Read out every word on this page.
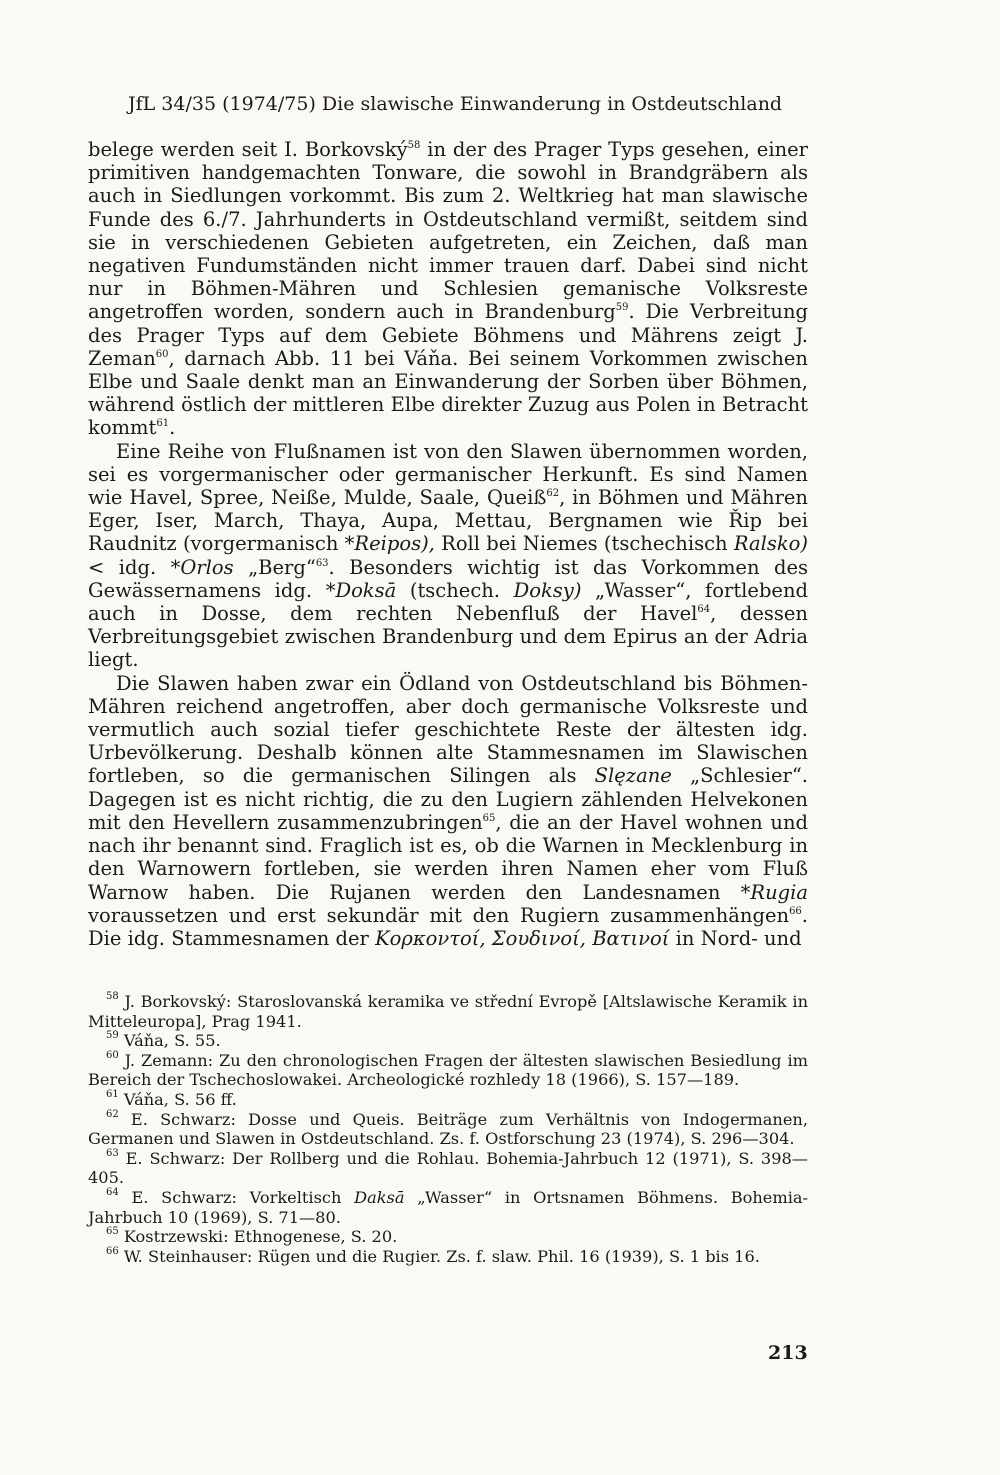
JfL 34/35 (1974/75) Die slawische Einwanderung in Ostdeutschland

belege werden seit I. Borkovský$^{58}$ in der des Prager Typs gesehen, einer primitiven handgemachten Tonware, die sowohl in Brandgräbern als auch in Siedlungen vorkommt. Bis zum 2. Weltkrieg hat man slawische Funde des 6./7. Jahrhunderts in Ostdeutschland vermißt, seitdem sind sie in verschiedenen Gebieten aufgetreten, ein Zeichen, daß man negativen Fundumständen nicht immer trauen darf. Dabei sind nicht nur in Böhmen-Mähren und Schlesien gemanische Volksreste angetroffen worden, sondern auch in Brandenburg$^{59}$. Die Verbreitung des Prager Typs auf dem Gebiete Böhmens und Mährens zeigt J. Zeman$^{60}$, darnach Abb. 11 bei Váňa. Bei seinem Vorkommen zwischen Elbe und Saale denkt man an Einwanderung der Sorben über Böhmen, während östlich der mittleren Elbe direkter Zuzug aus Polen in Betracht kommt$^{61}$.

Eine Reihe von Flußnamen ist von den Slawen übernommen worden, sei es vorgermanischer oder germanischer Herkunft. Es sind Namen wie Havel, Spree, Neiße, Mulde, Saale, Queiß$^{62}$, in Böhmen und Mähren Eger, Iser, March, Thaya, Aupa, Mettau, Bergnamen wie Řip bei Raudnitz (vorgermanisch *Reipos), Roll bei Niemes (tschechisch Ralsko) < idg. *Orlos „Berg“$^{63}$. Besonders wichtig ist das Vorkommen des Gewässernamens idg. *Doksā (tschech. Doksy) „Wasser“, fortlebend auch in Dosse, dem rechten Nebenfluß der Havel$^{64}$, dessen Verbreitungsgebiet zwischen Brandenburg und dem Epirus an der Adria liegt.

Die Slawen haben zwar ein Ödland von Ostdeutschland bis Böhmen-Mähren reichend angetroffen, aber doch germanische Volksreste und vermutlich auch sozial tiefer geschichtete Reste der ältesten idg. Urbevölkerung. Deshalb können alte Stammesnamen im Slawischen fortleben, so die germanischen Silingen als Slęzane „Schlesier“. Dagegen ist es nicht richtig, die zu den Lugiern zählenden Helvekonen mit den Hevellern zusammenzubringen$^{65}$, die an der Havel wohnen und nach ihr benannt sind. Fraglich ist es, ob die Warnen in Mecklenburg in den Warnowern fortleben, sie werden ihren Namen eher vom Fluß Warnow haben. Die Rujanen werden den Landesnamen *Rugia voraussetzen und erst sekundär mit den Rugiern zusammenhängen$^{66}$. Die idg. Stammesnamen der Κορκοντοί, Σουδινοί, Βατινοί in Nord- und

$^{58}$ J. Borkovský: Staroslovanská keramika ve střední Evropě [Altslawische Keramik in Mitteleuropa], Prag 1941.

$^{59}$ Váňa, S. 55.

$^{60}$ J. Zemann: Zu den chronologischen Fragen der ältesten slawischen Besiedlung im Bereich der Tschechoslowakei. Archeologické rozhledy 18 (1966), S. 157—189.

$^{61}$ Váňa, S. 56 ff.

$^{62}$ E. Schwarz: Dosse und Queis. Beiträge zum Verhältnis von Indogermanen, Germanen und Slawen in Ostdeutschland. Zs. f. Ostforschung 23 (1974), S. 296—304.

$^{63}$ E. Schwarz: Der Rollberg und die Rohlau. Bohemia-Jahrbuch 12 (1971), S. 398—405.

$^{64}$ E. Schwarz: Vorkeltisch Daksā „Wasser“ in Ortsnamen Böhmens. Bohemia-Jahrbuch 10 (1969), S. 71—80.

$^{65}$ Kostrzewski: Ethnogenese, S. 20.

$^{66}$ W. Steinhauser: Rügen und die Rugier. Zs. f. slaw. Phil. 16 (1939), S. 1 bis 16.

213
